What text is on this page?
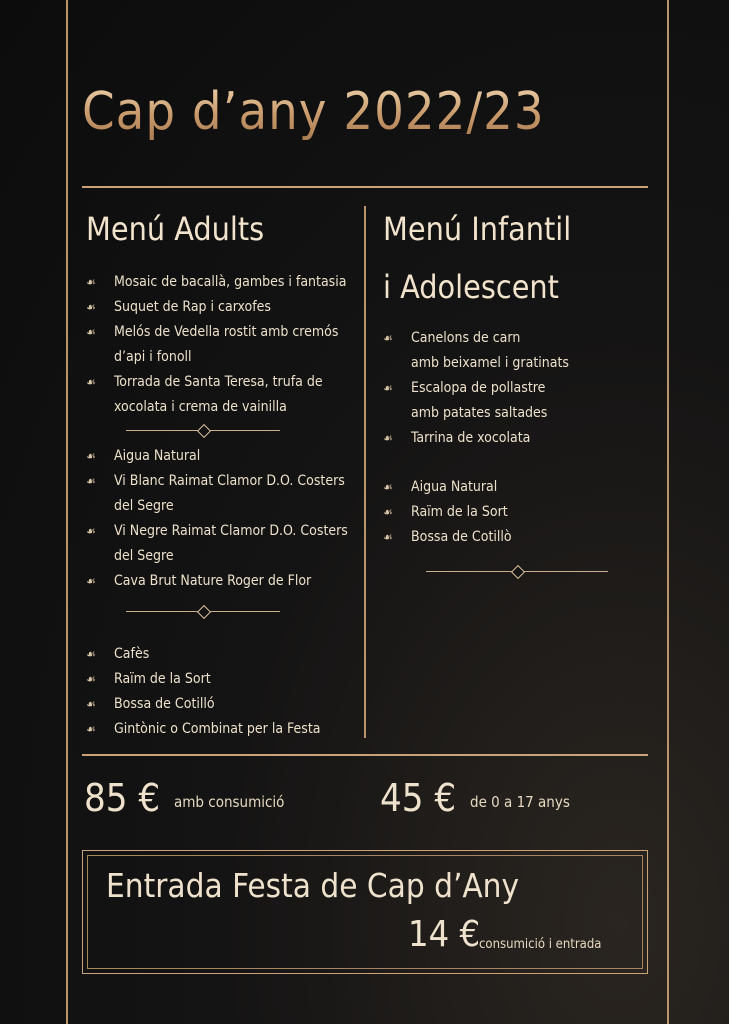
Cap d’any 2022/23
Menú Adults
☙ Mosaic de bacallà, gambes i fantasia
☙ Suquet de Rap i carxofes
☙ Melós de Vedella rostit amb cremós
d’api i fonoll
☙ Torrada de Santa Teresa, trufa de
xocolata i crema de vainilla
☙ Aigua Natural
☙ Vi Blanc Raimat Clamor D.O. Costers
del Segre
☙ Vi Negre Raimat Clamor D.O. Costers
del Segre
☙ Cava Brut Nature Roger de Flor
☙ Cafès
☙ Raïm de la Sort
☙ Bossa de Cotilló
☙ Gintònic o Combinat per la Festa
Menú Infantil
i Adolescent
☙ Canelons de carn
amb beixamel i gratinats
☙ Escalopa de pollastre
amb patates saltades
☙ Tarrina de xocolata
☙ Aigua Natural
☙ Raïm de la Sort
☙ Bossa de Cotillò
85 € amb consumició	45 € de 0 a 17 anys
Entrada Festa de Cap d’Any
14 €
consumició i entrada
